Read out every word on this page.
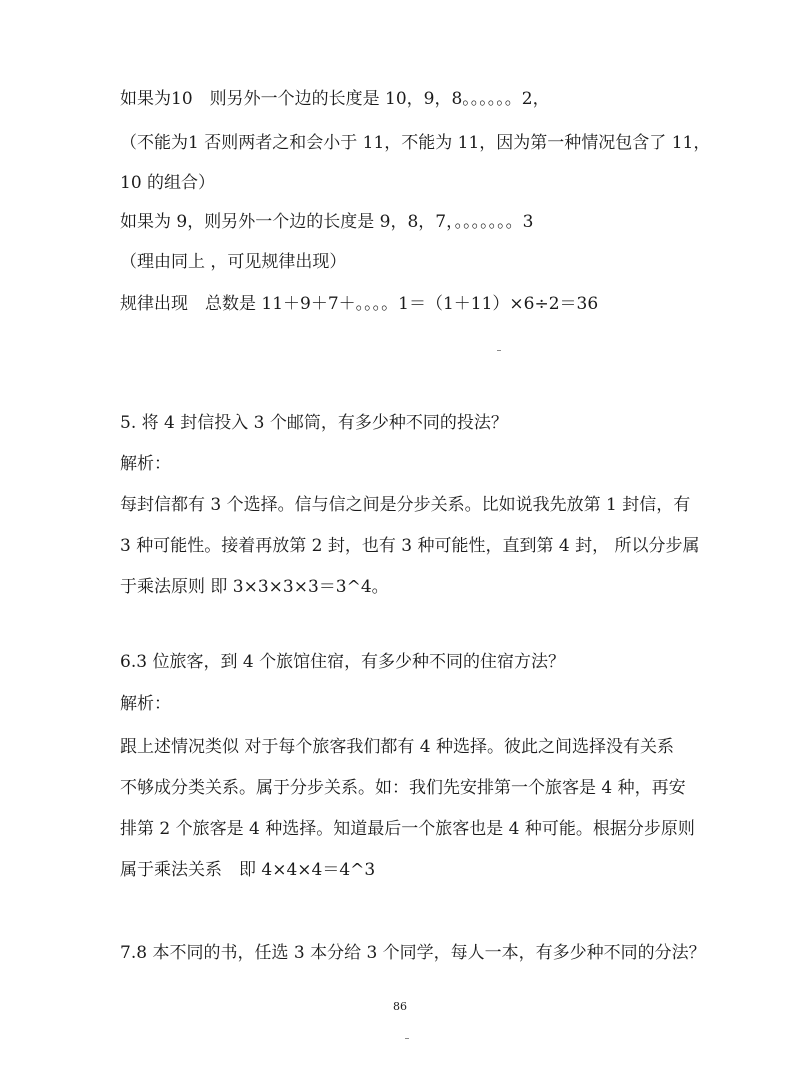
如果为10　则另外一个边的长度是 10，9，8。。。。。。2，
（不能为1 否则两者之和会小于 11，不能为 11，因为第一种情况包含了 11，
10 的组合）
如果为 9，则另外一个边的长度是 9，8，7，。。。。。。。3
（理由同上 ，可见规律出现）
规律出现　总数是 11＋9＋7＋。。。。1＝（1＋11）×6÷2＝36
5. 将 4 封信投入 3 个邮筒，有多少种不同的投法？
解析：
每封信都有 3 个选择。信与信之间是分步关系。比如说我先放第 1 封信，有
3 种可能性。接着再放第 2 封，也有 3 种可能性，直到第 4 封， 所以分步属
于乘法原则 即 3×3×3×3＝3^4。
6.3 位旅客，到 4 个旅馆住宿，有多少种不同的住宿方法？
解析：
跟上述情况类似 对于每个旅客我们都有 4 种选择。彼此之间选择没有关系
不够成分类关系。属于分步关系。如：我们先安排第一个旅客是 4 种，再安
排第 2 个旅客是 4 种选择。知道最后一个旅客也是 4 种可能。根据分步原则
属于乘法关系　即 4×4×4＝4^3
7.8 本不同的书，任选 3 本分给 3 个同学，每人一本，有多少种不同的分法？
86
